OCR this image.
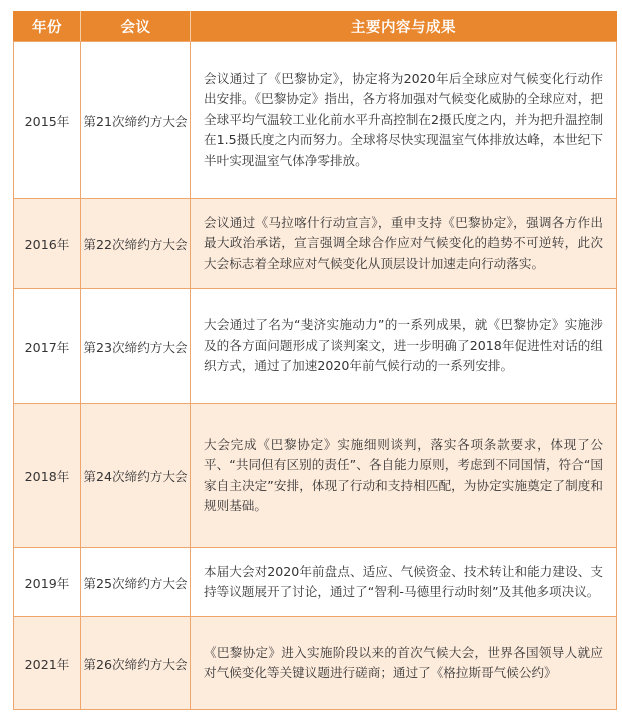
年份	会议	主要内容与成果
2015年	第21次缔约方大会	会议通过了《巴黎协定》，协定将为2020年后全球应对气候变化行动作出安排。《巴黎协定》指出，各方将加强对气候变化威胁的全球应对，把全球平均气温较工业化前水平升高控制在2摄氏度之内，并为把升温控制在1.5摄氏度之内而努力。全球将尽快实现温室气体排放达峰，本世纪下半叶实现温室气体净零排放。
2016年	第22次缔约方大会	会议通过《马拉喀什行动宣言》，重申支持《巴黎协定》，强调各方作出最大政治承诺，宣言强调全球合作应对气候变化的趋势不可逆转，此次大会标志着全球应对气候变化从顶层设计加速走向行动落实。
2017年	第23次缔约方大会	大会通过了名为“斐济实施动力”的一系列成果，就《巴黎协定》实施涉及的各方面问题形成了谈判案文，进一步明确了2018年促进性对话的组织方式，通过了加速2020年前气候行动的一系列安排。
2018年	第24次缔约方大会	大会完成《巴黎协定》实施细则谈判，落实各项条款要求，体现了公平、“共同但有区别的责任”、各自能力原则，考虑到不同国情，符合“国家自主决定”安排，体现了行动和支持相匹配，为协定实施奠定了制度和规则基础。
2019年	第25次缔约方大会	本届大会对2020年前盘点、适应、气候资金、技术转让和能力建设、支持等议题展开了讨论，通过了“智利-马德里行动时刻”及其他多项决议。
2021年	第26次缔约方大会	《巴黎协定》进入实施阶段以来的首次气候大会，世界各国领导人就应对气候变化等关键议题进行磋商；通过了《格拉斯哥气候公约》
